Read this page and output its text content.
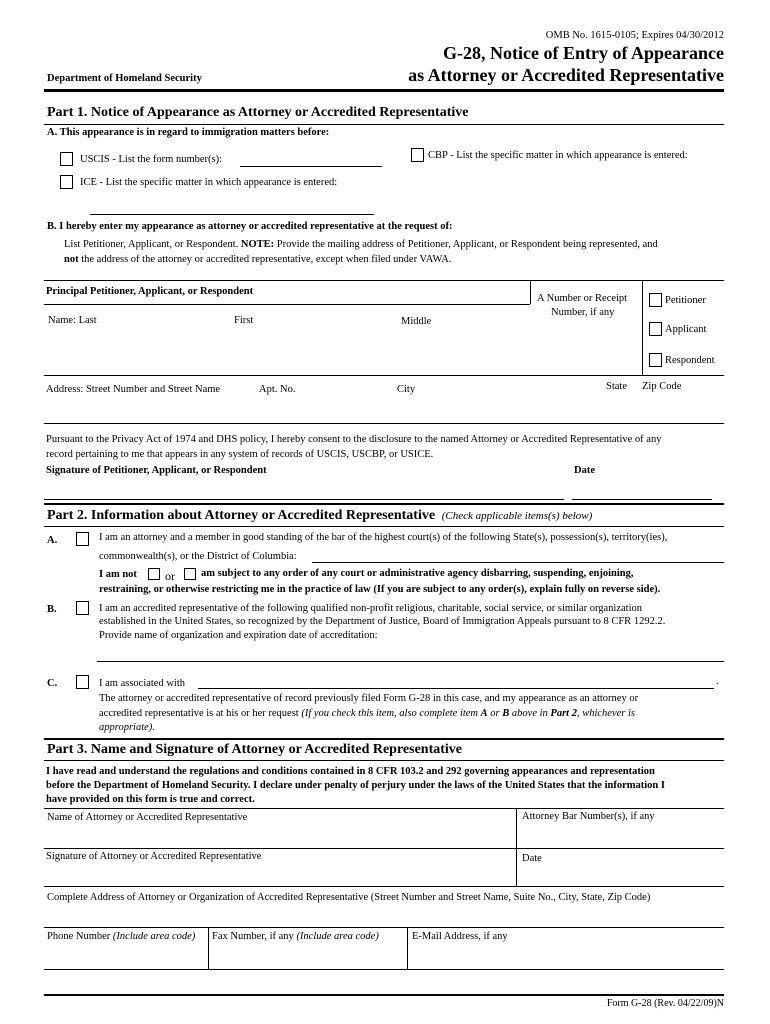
OMB No. 1615-0105; Expires 04/30/2012
G-28, Notice of Entry of Appearance
as Attorney or Accredited Representative
Department of Homeland Security
Part 1. Notice of Appearance as Attorney or Accredited Representative
A. This appearance is in regard to immigration matters before:
USCIS - List the form number(s):	CBP - List the specific matter in which appearance is entered:
ICE - List the specific matter in which appearance is entered:
B. I hereby enter my appearance as attorney or accredited representative at the request of:
List Petitioner, Applicant, or Respondent. NOTE: Provide the mailing address of Petitioner, Applicant, or Respondent being represented, and
not the address of the attorney or accredited representative, except when filed under VAWA.
Principal Petitioner, Applicant, or Respondent
Name: Last	First	Middle
A Number or Receipt
Number, if any
Petitioner
Applicant
Respondent
Address: Street Number and Street Name	Apt. No.	City	State Zip Code
Pursuant to the Privacy Act of 1974 and DHS policy, I hereby consent to the disclosure to the named Attorney or Accredited Representative of any
record pertaining to me that appears in any system of records of USCIS, USCBP, or USICE.
Signature of Petitioner, Applicant, or Respondent	Date
Part 2. Information about Attorney or Accredited Representative (Check applicable items(s) below)
A.	I am an attorney and a member in good standing of the bar of the highest court(s) of the following State(s), possession(s), territory(ies),
commonwealth(s), or the District of Columbia:
I am not or am subject to any order of any court or administrative agency disbarring, suspending, enjoining,
restraining, or otherwise restricting me in the practice of law (If you are subject to any order(s), explain fully on reverse side).
B.	I am an accredited representative of the following qualified non-profit religious, charitable, social service, or similar organization
established in the United States, so recognized by the Department of Justice, Board of Immigration Appeals pursuant to 8 CFR 1292.2.
Provide name of organization and expiration date of accreditation:
C.	I am associated with	.
The attorney or accredited representative of record previously filed Form G-28 in this case, and my appearance as an attorney or
accredited representative is at his or her request (If you check this item, also complete item A or B above in Part 2, whichever is
appropriate).
Part 3. Name and Signature of Attorney or Accredited Representative
I have read and understand the regulations and conditions contained in 8 CFR 103.2 and 292 governing appearances and representation
before the Department of Homeland Security. I declare under penalty of perjury under the laws of the United States that the information I
have provided on this form is true and correct.
Name of Attorney or Accredited Representative	Attorney Bar Number(s), if any
Signature of Attorney or Accredited Representative	Date
Complete Address of Attorney or Organization of Accredited Representative (Street Number and Street Name, Suite No., City, State, Zip Code)
Phone Number (Include area code) Fax Number, if any (Include area code)	E-Mail Address, if any
Form G-28 (Rev. 04/22/09)N
